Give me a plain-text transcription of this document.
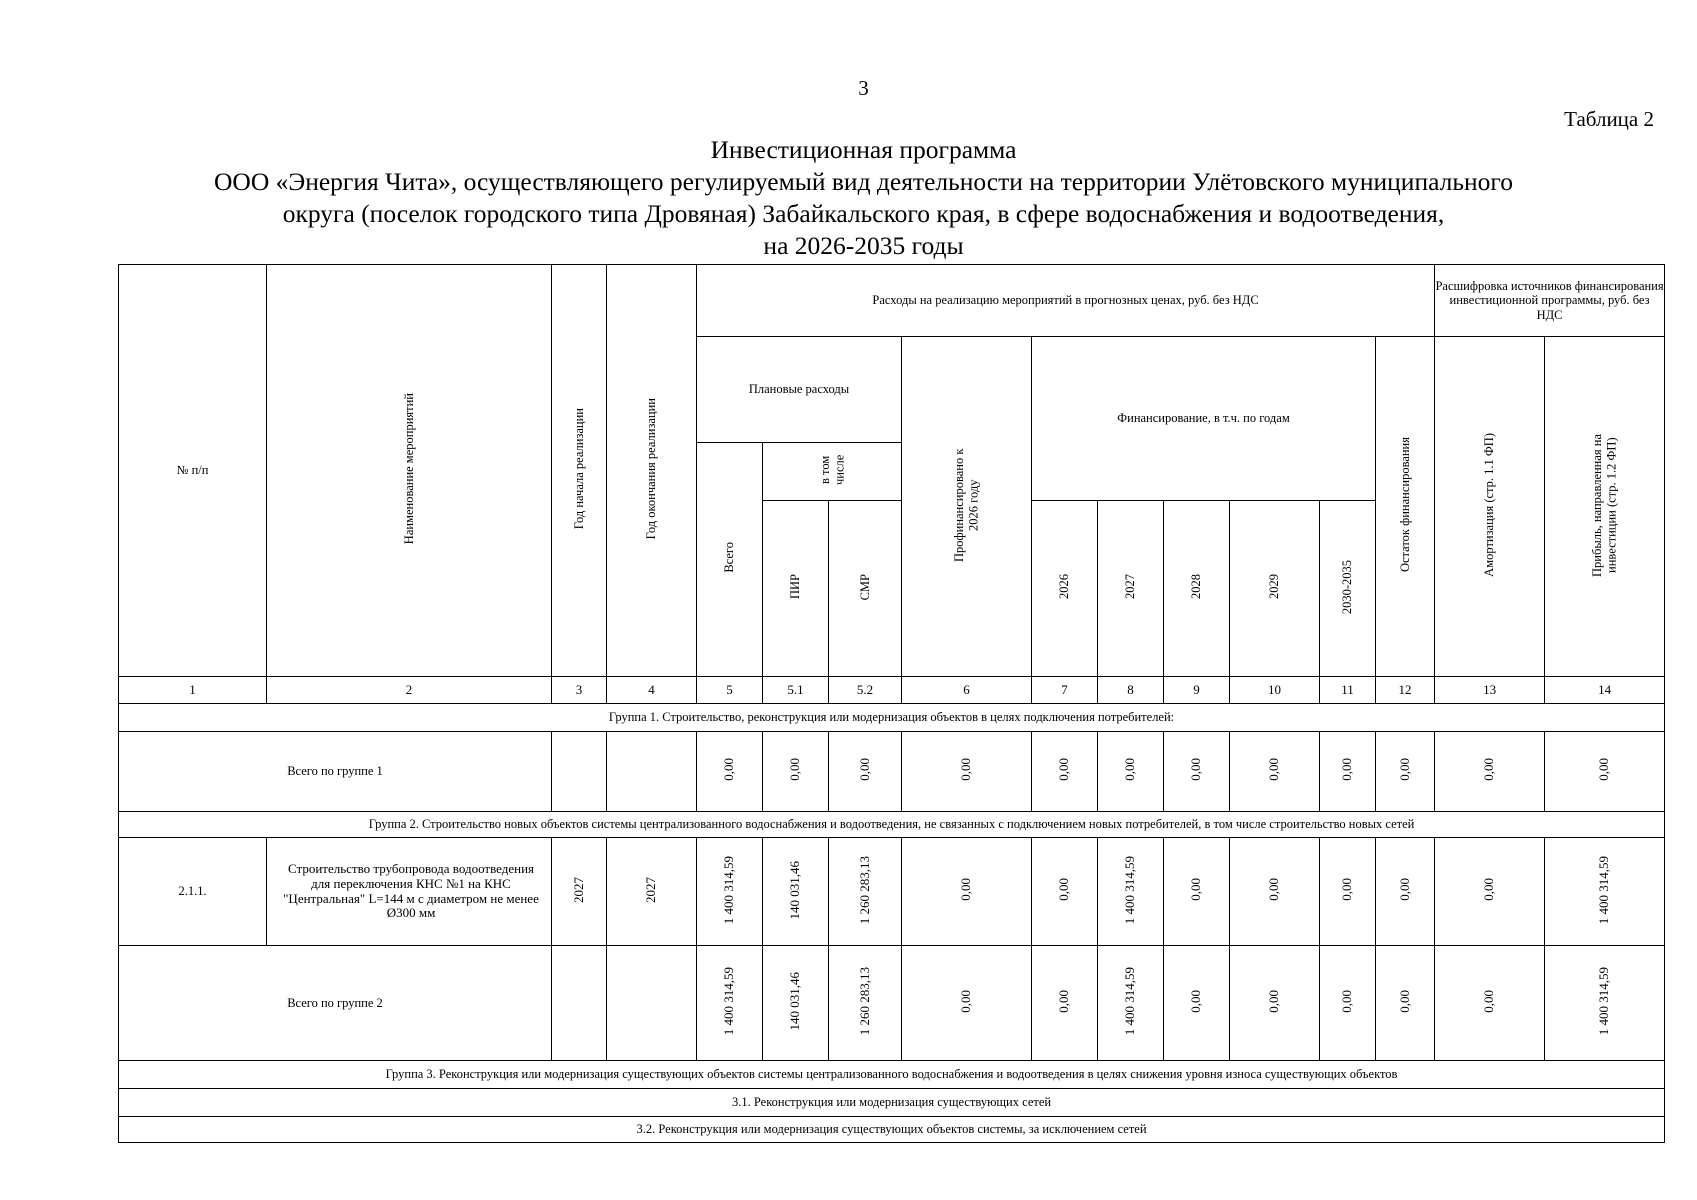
3
Таблица 2
Инвестиционная программа
ООО «Энергия Чита», осуществляющего регулируемый вид деятельности на территории Улётовского муниципального
округа (поселок городского типа Дровяная) Забайкальского края, в сфере водоснабжения и водоотведения,
на 2026-2035 годы
№ п/п	Наименование мероприятий	Год начала реализации	Год окончания реализации	Расходы на реализацию мероприятий в прогнозных ценах, руб. без НДС										Расшифровка источников финансирования инвестиционной программы, руб. без НДС	
				Плановые расходы			Профинансировано к 2026 году	Финансирование, в т.ч. по годам					Остаток финансирования	Амортизация (стр. 1.1 ФП)	Прибыль, направленная на инвестиции (стр. 1.2 ФП)
				Всего	в том числе										
					ПИР	СМР		2026	2027	2028	2029	2030-2035			

1	2	3	4	5	5.1	5.2	6	7	8	9	10	11	12	13	14
Группа 1. Строительство, реконструкция или модернизация объектов в целях подключения потребителей:															
Всего по группе 1				0,00	0,00	0,00	0,00	0,00	0,00	0,00	0,00	0,00	0,00	0,00	0,00
Группа 2. Строительство новых объектов системы централизованного водоснабжения и водоотведения, не связанных с подключением новых потребителей, в том числе строительство новых сетей															
2.1.1.	Строительство трубопровода водоотведения для переключения КНС №1 на КНС "Центральная" L=144 м с диаметром не менее Ø300 мм	2027	2027	1 400 314,59	140 031,46	1 260 283,13	0,00	0,00	1 400 314,59	0,00	0,00	0,00	0,00	0,00	1 400 314,59
Всего по группе 2				1 400 314,59	140 031,46	1 260 283,13	0,00	0,00	1 400 314,59	0,00	0,00	0,00	0,00	0,00	1 400 314,59
Группа 3. Реконструкция или модернизация существующих объектов системы централизованного водоснабжения и водоотведения в целях снижения уровня износа существующих объектов															
3.1. Реконструкция или модернизация существующих сетей															
3.2. Реконструкция или модернизация существующих объектов системы, за исключением сетей															
